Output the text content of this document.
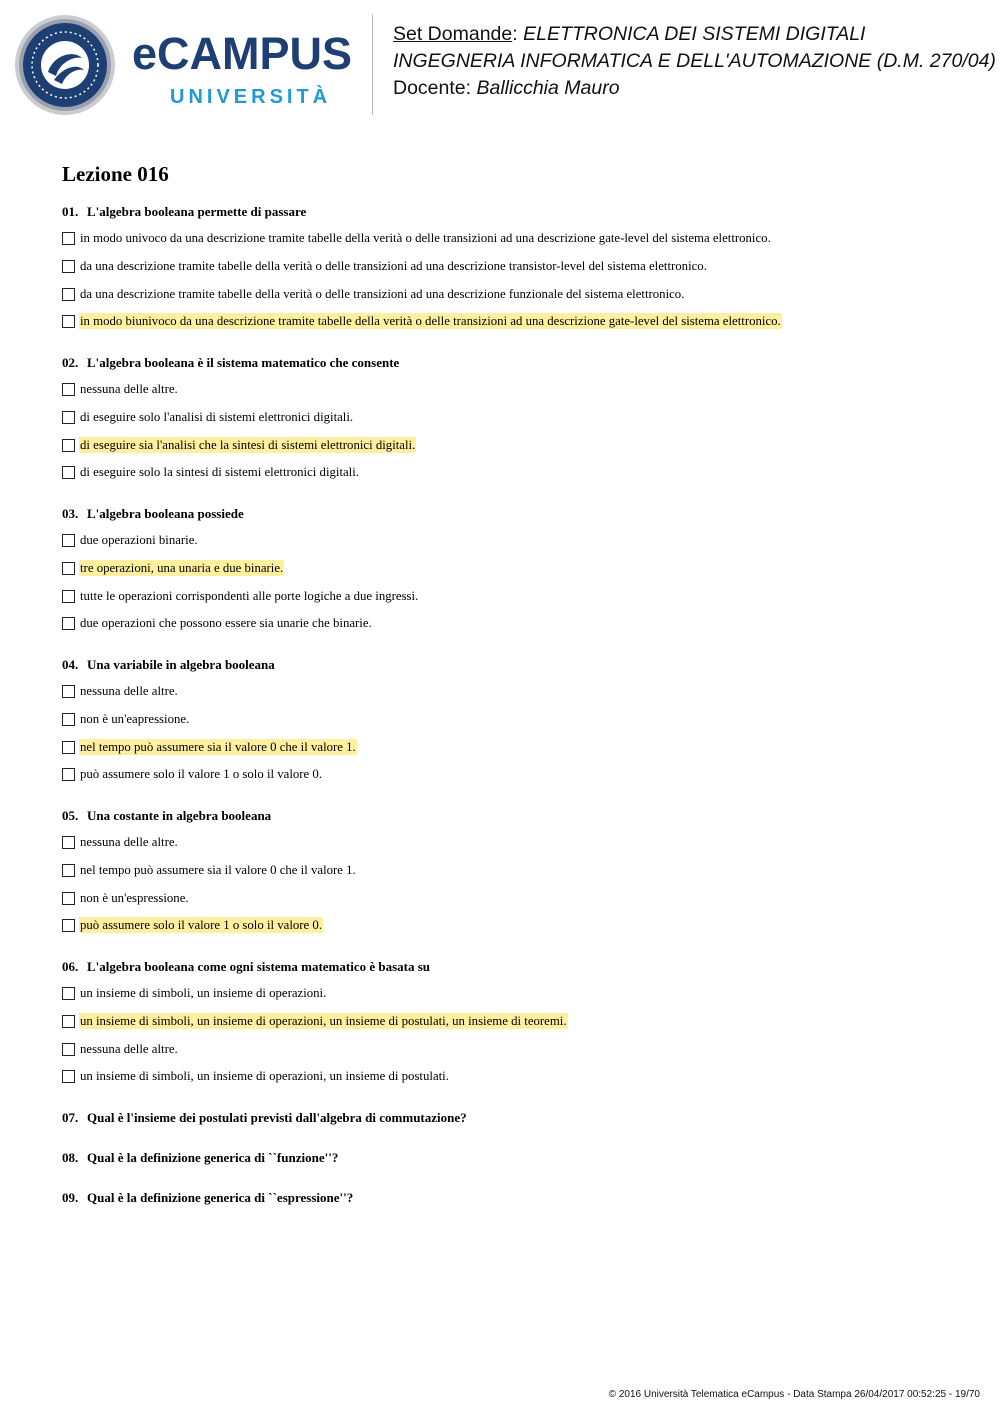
eCAMPUS
UNIVERSITÀ
Set Domande: ELETTRONICA DEI SISTEMI DIGITALI
INGEGNERIA INFORMATICA E DELL'AUTOMAZIONE (D.M. 270/04)
Docente: Ballicchia Mauro
Lezione 016
01. L'algebra booleana permette di passare
in modo univoco da una descrizione tramite tabelle della verità o delle transizioni ad una descrizione gate-level del sistema elettronico.
da una descrizione tramite tabelle della verità o delle transizioni ad una descrizione transistor-level del sistema elettronico.
da una descrizione tramite tabelle della verità o delle transizioni ad una descrizione funzionale del sistema elettronico.
in modo biunivoco da una descrizione tramite tabelle della verità o delle transizioni ad una descrizione gate-level del sistema elettronico.
02. L'algebra booleana è il sistema matematico che consente
nessuna delle altre.
di eseguire solo l'analisi di sistemi elettronici digitali.
di eseguire sia l'analisi che la sintesi di sistemi elettronici digitali.
di eseguire solo la sintesi di sistemi elettronici digitali.
03. L'algebra booleana possiede
due operazioni binarie.
tre operazioni, una unaria e due binarie.
tutte le operazioni corrispondenti alle porte logiche a due ingressi.
due operazioni che possono essere sia unarie che binarie.
04. Una variabile in algebra booleana
nessuna delle altre.
non è un'eapressione.
nel tempo può assumere sia il valore 0 che il valore 1.
può assumere solo il valore 1 o solo il valore 0.
05. Una costante in algebra booleana
nessuna delle altre.
nel tempo può assumere sia il valore 0 che il valore 1.
non è un'espressione.
può assumere solo il valore 1 o solo il valore 0.
06. L'algebra booleana come ogni sistema matematico è basata su
un insieme di simboli, un insieme di operazioni.
un insieme di simboli, un insieme di operazioni, un insieme di postulati, un insieme di teoremi.
nessuna delle altre.
un insieme di simboli, un insieme di operazioni, un insieme di postulati.
07. Qual è l'insieme dei postulati previsti dall'algebra di commutazione?
08. Qual è la definizione generica di ``funzione''?
09. Qual è la definizione generica di ``espressione''?
© 2016 Università Telematica eCampus - Data Stampa 26/04/2017 00:52:25 - 19/70
